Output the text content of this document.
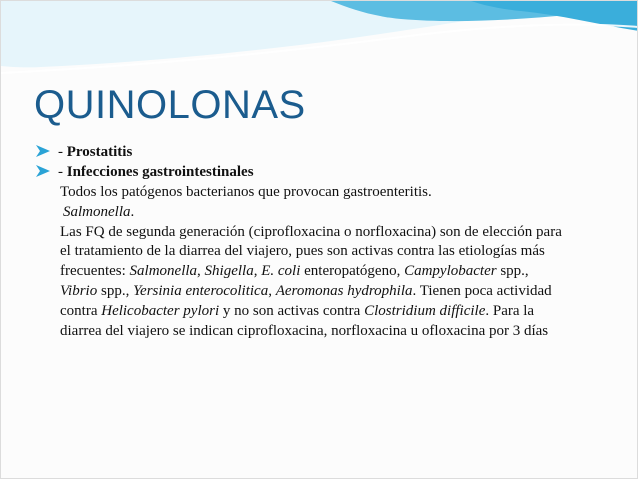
QUINOLONAS
- Prostatitis
- Infecciones gastrointestinales
Todos los patógenos bacterianos que provocan gastroenteritis.
Salmonella.
Las FQ de segunda generación (ciprofloxacina o norfloxacina) son de elección para
el tratamiento de la diarrea del viajero, pues son activas contra las etiologías más
frecuentes: Salmonella, Shigella, E. coli enteropatógeno, Campylobacter spp.,
Vibrio spp., Yersinia enterocolitica, Aeromonas hydrophila. Tienen poca actividad
contra Helicobacter pylori y no son activas contra Clostridium difficile. Para la
diarrea del viajero se indican ciprofloxacina, norfloxacina u ofloxacina por 3 días
